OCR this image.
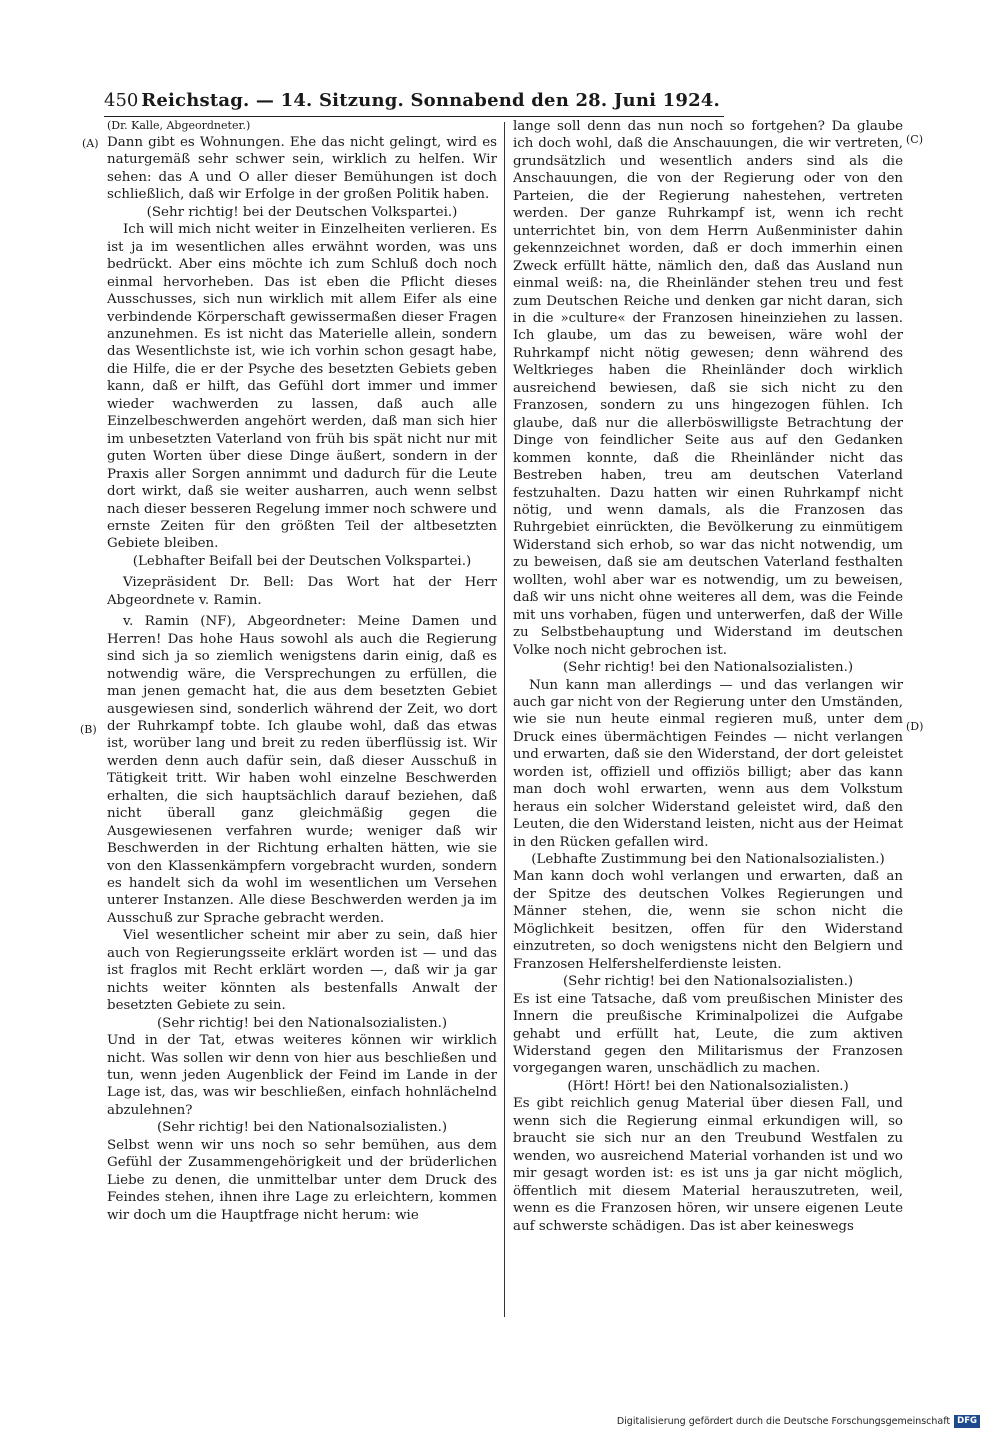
450 Reichstag. — 14. Sitzung. Sonnabend den 28. Juni 1924.
(A)
(B)
(C)
(D)
(Dr. Kalle, Abgeordneter.)

Dann gibt es Wohnungen. Ehe das nicht gelingt, wird es naturgemäß sehr schwer sein, wirklich zu helfen. Wir sehen: das A und O aller dieser Bemühungen ist doch schließlich, daß wir Erfolge in der großen Politik haben.

(Sehr richtig! bei der Deutschen Volkspartei.)

Ich will mich nicht weiter in Einzelheiten verlieren. Es ist ja im wesentlichen alles erwähnt worden, was uns bedrückt. Aber eins möchte ich zum Schluß doch noch einmal hervorheben. Das ist eben die Pflicht dieses Ausschusses, sich nun wirklich mit allem Eifer als eine verbindende Körperschaft gewissermaßen dieser Fragen anzunehmen. Es ist nicht das Materielle allein, sondern das Wesentlichste ist, wie ich vorhin schon gesagt habe, die Hilfe, die er der Psyche des besetzten Gebiets geben kann, daß er hilft, das Gefühl dort immer und immer wieder wachwerden zu lassen, daß auch alle Einzelbeschwerden angehört werden, daß man sich hier im unbesetzten Vaterland von früh bis spät nicht nur mit guten Worten über diese Dinge äußert, sondern in der Praxis aller Sorgen annimmt und dadurch für die Leute dort wirkt, daß sie weiter ausharren, auch wenn selbst nach dieser besseren Regelung immer noch schwere und ernste Zeiten für den größten Teil der altbesetzten Gebiete bleiben.

(Lebhafter Beifall bei der Deutschen Volkspartei.)

Vizepräsident Dr. Bell: Das Wort hat der Herr Abgeordnete v. Ramin.

v. Ramin (NF), Abgeordneter: Meine Damen und Herren! Das hohe Haus sowohl als auch die Regierung sind sich ja so ziemlich wenigstens darin einig, daß es notwendig wäre, die Versprechungen zu erfüllen, die man jenen gemacht hat, die aus dem besetzten Gebiet ausgewiesen sind, sonderlich während der Zeit, wo dort der Ruhrkampf tobte. Ich glaube wohl, daß das etwas ist, worüber lang und breit zu reden überflüssig ist. Wir werden denn auch dafür sein, daß dieser Ausschuß in Tätigkeit tritt. Wir haben wohl einzelne Beschwerden erhalten, die sich hauptsächlich darauf beziehen, daß nicht überall ganz gleichmäßig gegen die Ausgewiesenen verfahren wurde; weniger daß wir Beschwerden in der Richtung erhalten hätten, wie sie von den Klassenkämpfern vorgebracht wurden, sondern es handelt sich da wohl im wesentlichen um Versehen unterer Instanzen. Alle diese Beschwerden werden ja im Ausschuß zur Sprache gebracht werden.

Viel wesentlicher scheint mir aber zu sein, daß hier auch von Regierungsseite erklärt worden ist — und das ist fraglos mit Recht erklärt worden —, daß wir ja gar nichts weiter könnten als bestenfalls Anwalt der besetzten Gebiete zu sein.

(Sehr richtig! bei den Nationalsozialisten.)

Und in der Tat, etwas weiteres können wir wirklich nicht. Was sollen wir denn von hier aus beschließen und tun, wenn jeden Augenblick der Feind im Lande in der Lage ist, das, was wir beschließen, einfach hohnlächelnd abzulehnen?

(Sehr richtig! bei den Nationalsozialisten.)

Selbst wenn wir uns noch so sehr bemühen, aus dem Gefühl der Zusammengehörigkeit und der brüderlichen Liebe zu denen, die unmittelbar unter dem Druck des Feindes stehen, ihnen ihre Lage zu erleichtern, kommen wir doch um die Hauptfrage nicht herum: wie

lange soll denn das nun noch so fortgehen? Da glaube ich doch wohl, daß die Anschauungen, die wir vertreten, grundsätzlich und wesentlich anders sind als die Anschauungen, die von der Regierung oder von den Parteien, die der Regierung nahestehen, vertreten werden. Der ganze Ruhrkampf ist, wenn ich recht unterrichtet bin, von dem Herrn Außenminister dahin gekennzeichnet worden, daß er doch immerhin einen Zweck erfüllt hätte, nämlich den, daß das Ausland nun einmal weiß: na, die Rheinländer stehen treu und fest zum Deutschen Reiche und denken gar nicht daran, sich in die »culture« der Franzosen hineinziehen zu lassen. Ich glaube, um das zu beweisen, wäre wohl der Ruhrkampf nicht nötig gewesen; denn während des Weltkrieges haben die Rheinländer doch wirklich ausreichend bewiesen, daß sie sich nicht zu den Franzosen, sondern zu uns hingezogen fühlen. Ich glaube, daß nur die allerböswilligste Betrachtung der Dinge von feindlicher Seite aus auf den Gedanken kommen konnte, daß die Rheinländer nicht das Bestreben haben, treu am deutschen Vaterland festzuhalten. Dazu hatten wir einen Ruhrkampf nicht nötig, und wenn damals, als die Franzosen das Ruhrgebiet einrückten, die Bevölkerung zu einmütigem Widerstand sich erhob, so war das nicht notwendig, um zu beweisen, daß sie am deutschen Vaterland festhalten wollten, wohl aber war es notwendig, um zu beweisen, daß wir uns nicht ohne weiteres all dem, was die Feinde mit uns vorhaben, fügen und unterwerfen, daß der Wille zu Selbstbehauptung und Widerstand im deutschen Volke noch nicht gebrochen ist.

(Sehr richtig! bei den Nationalsozialisten.)

Nun kann man allerdings — und das verlangen wir auch gar nicht von der Regierung unter den Umständen, wie sie nun heute einmal regieren muß, unter dem Druck eines übermächtigen Feindes — nicht verlangen und erwarten, daß sie den Widerstand, der dort geleistet worden ist, offiziell und offiziös billigt; aber das kann man doch wohl erwarten, wenn aus dem Volkstum heraus ein solcher Widerstand geleistet wird, daß den Leuten, die den Widerstand leisten, nicht aus der Heimat in den Rücken gefallen wird.

(Lebhafte Zustimmung bei den Nationalsozialisten.)

Man kann doch wohl verlangen und erwarten, daß an der Spitze des deutschen Volkes Regierungen und Männer stehen, die, wenn sie schon nicht die Möglichkeit besitzen, offen für den Widerstand einzutreten, so doch wenigstens nicht den Belgiern und Franzosen Helfershelferdienste leisten.

(Sehr richtig! bei den Nationalsozialisten.)

Es ist eine Tatsache, daß vom preußischen Minister des Innern die preußische Kriminalpolizei die Aufgabe gehabt und erfüllt hat, Leute, die zum aktiven Widerstand gegen den Militarismus der Franzosen vorgegangen waren, unschädlich zu machen.

(Hört! Hört! bei den Nationalsozialisten.)

Es gibt reichlich genug Material über diesen Fall, und wenn sich die Regierung einmal erkundigen will, so braucht sie sich nur an den Treubund Westfalen zu wenden, wo ausreichend Material vorhanden ist und wo mir gesagt worden ist: es ist uns ja gar nicht möglich, öffentlich mit diesem Material herauszutreten, weil, wenn es die Franzosen hören, wir unsere eigenen Leute auf schwerste schädigen. Das ist aber keineswegs

Digitalisierung gefördert durch die Deutsche Forschungsgemeinschaft DFG
